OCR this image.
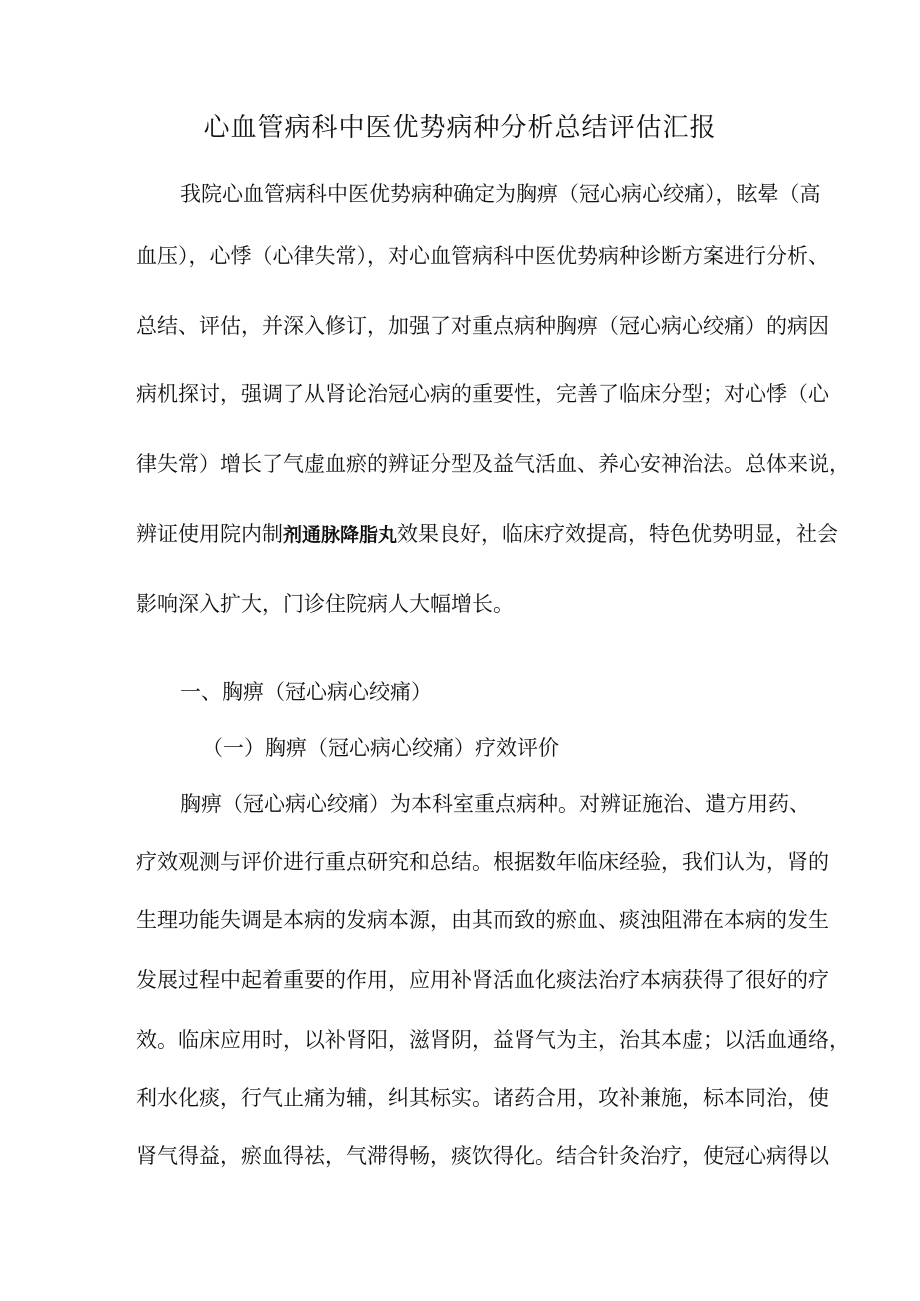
心血管病科中医优势病种分析总结评估汇报
我院心血管病科中医优势病种确定为胸痹（冠心病心绞痛），眩晕（高
血压），心悸（心律失常），对心血管病科中医优势病种诊断方案进行分析、
总结、评估，并深入修订，加强了对重点病种胸痹（冠心病心绞痛）的病因
病机探讨，强调了从肾论治冠心病的重要性，完善了临床分型；对心悸（心
律失常）增长了气虚血瘀的辨证分型及益气活血、养心安神治法。总体来说，
辨证使用院内制剂通脉降脂丸效果良好，临床疗效提高，特色优势明显，社会
影响深入扩大，门诊住院病人大幅增长。
一、胸痹（冠心病心绞痛）
（一）胸痹（冠心病心绞痛）疗效评价
胸痹（冠心病心绞痛）为本科室重点病种。对辨证施治、遣方用药、
疗效观测与评价进行重点研究和总结。根据数年临床经验，我们认为，肾的
生理功能失调是本病的发病本源，由其而致的瘀血、痰浊阻滞在本病的发生
发展过程中起着重要的作用，应用补肾活血化痰法治疗本病获得了很好的疗
效。临床应用时，以补肾阳，滋肾阴，益肾气为主，治其本虚；以活血通络，
利水化痰，行气止痛为辅，纠其标实。诸药合用，攻补兼施，标本同治，使
肾气得益，瘀血得祛，气滞得畅，痰饮得化。结合针灸治疗，使冠心病得以
